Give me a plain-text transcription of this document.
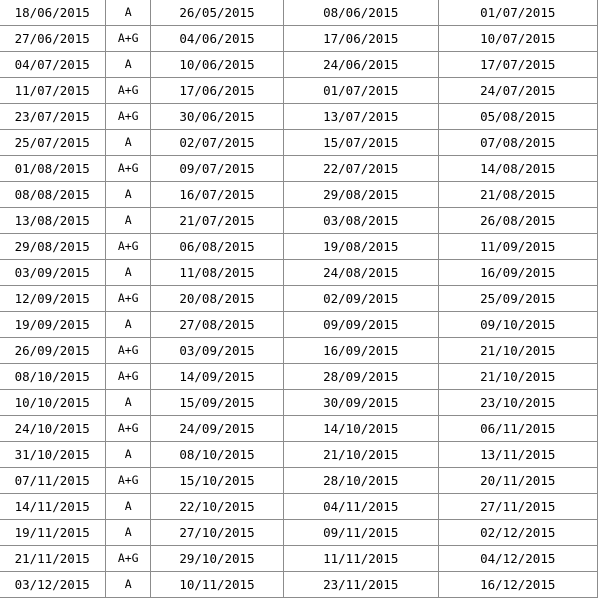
18/06/2015	A	26/05/2015	08/06/2015	01/07/2015
27/06/2015	A+G	04/06/2015	17/06/2015	10/07/2015
04/07/2015	A	10/06/2015	24/06/2015	17/07/2015
11/07/2015	A+G	17/06/2015	01/07/2015	24/07/2015
23/07/2015	A+G	30/06/2015	13/07/2015	05/08/2015
25/07/2015	A	02/07/2015	15/07/2015	07/08/2015
01/08/2015	A+G	09/07/2015	22/07/2015	14/08/2015
08/08/2015	A	16/07/2015	29/08/2015	21/08/2015
13/08/2015	A	21/07/2015	03/08/2015	26/08/2015
29/08/2015	A+G	06/08/2015	19/08/2015	11/09/2015
03/09/2015	A	11/08/2015	24/08/2015	16/09/2015
12/09/2015	A+G	20/08/2015	02/09/2015	25/09/2015
19/09/2015	A	27/08/2015	09/09/2015	09/10/2015
26/09/2015	A+G	03/09/2015	16/09/2015	21/10/2015
08/10/2015	A+G	14/09/2015	28/09/2015	21/10/2015
10/10/2015	A	15/09/2015	30/09/2015	23/10/2015
24/10/2015	A+G	24/09/2015	14/10/2015	06/11/2015
31/10/2015	A	08/10/2015	21/10/2015	13/11/2015
07/11/2015	A+G	15/10/2015	28/10/2015	20/11/2015
14/11/2015	A	22/10/2015	04/11/2015	27/11/2015
19/11/2015	A	27/10/2015	09/11/2015	02/12/2015
21/11/2015	A+G	29/10/2015	11/11/2015	04/12/2015
03/12/2015	A	10/11/2015	23/11/2015	16/12/2015
